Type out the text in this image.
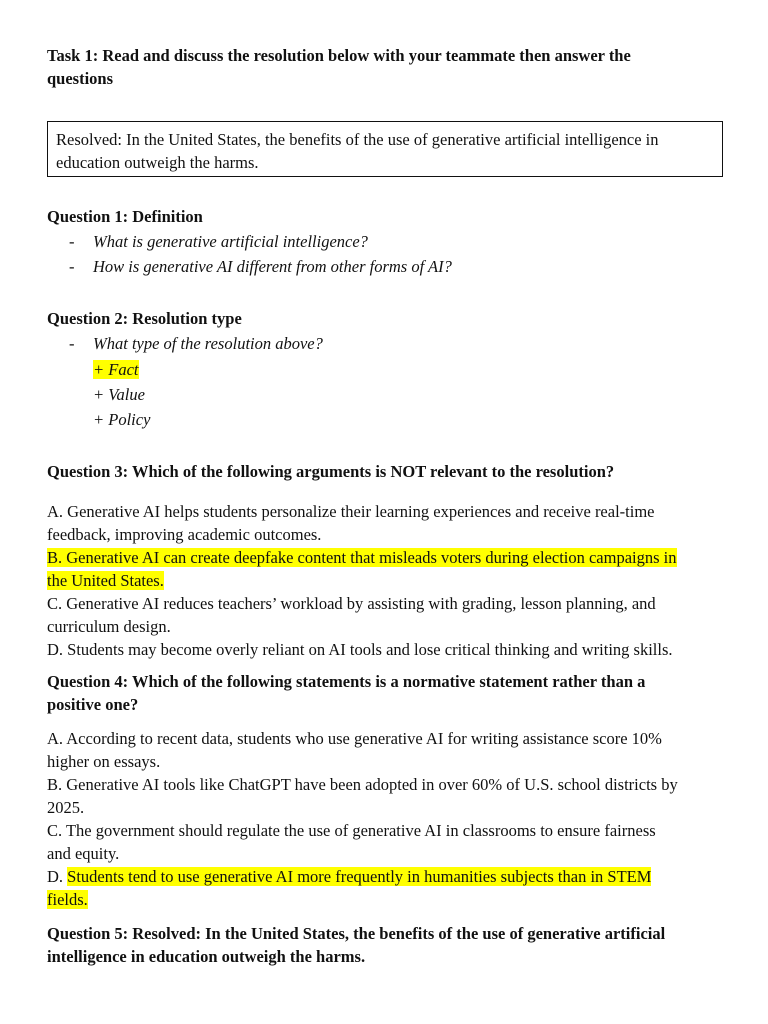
Task 1: Read and discuss the resolution below with your teammate then answer the
questions
Resolved: In the United States, the benefits of the use of generative artificial intelligence in
education outweigh the harms.
Question 1: Definition
- What is generative artificial intelligence?
- How is generative AI different from other forms of AI?
Question 2: Resolution type
- What type of the resolution above?
+ Fact
+ Value
+ Policy
Question 3: Which of the following arguments is NOT relevant to the resolution?
A. Generative AI helps students personalize their learning experiences and receive real-time
feedback, improving academic outcomes.
B. Generative AI can create deepfake content that misleads voters during election campaigns in
the United States.
C. Generative AI reduces teachers’ workload by assisting with grading, lesson planning, and
curriculum design.
D. Students may become overly reliant on AI tools and lose critical thinking and writing skills.
Question 4: Which of the following statements is a normative statement rather than a
positive one?
A. According to recent data, students who use generative AI for writing assistance score 10%
higher on essays.
B. Generative AI tools like ChatGPT have been adopted in over 60% of U.S. school districts by
2025.
C. The government should regulate the use of generative AI in classrooms to ensure fairness
and equity.
D. Students tend to use generative AI more frequently in humanities subjects than in STEM
fields.
Question 5: Resolved: In the United States, the benefits of the use of generative artificial
intelligence in education outweigh the harms.
